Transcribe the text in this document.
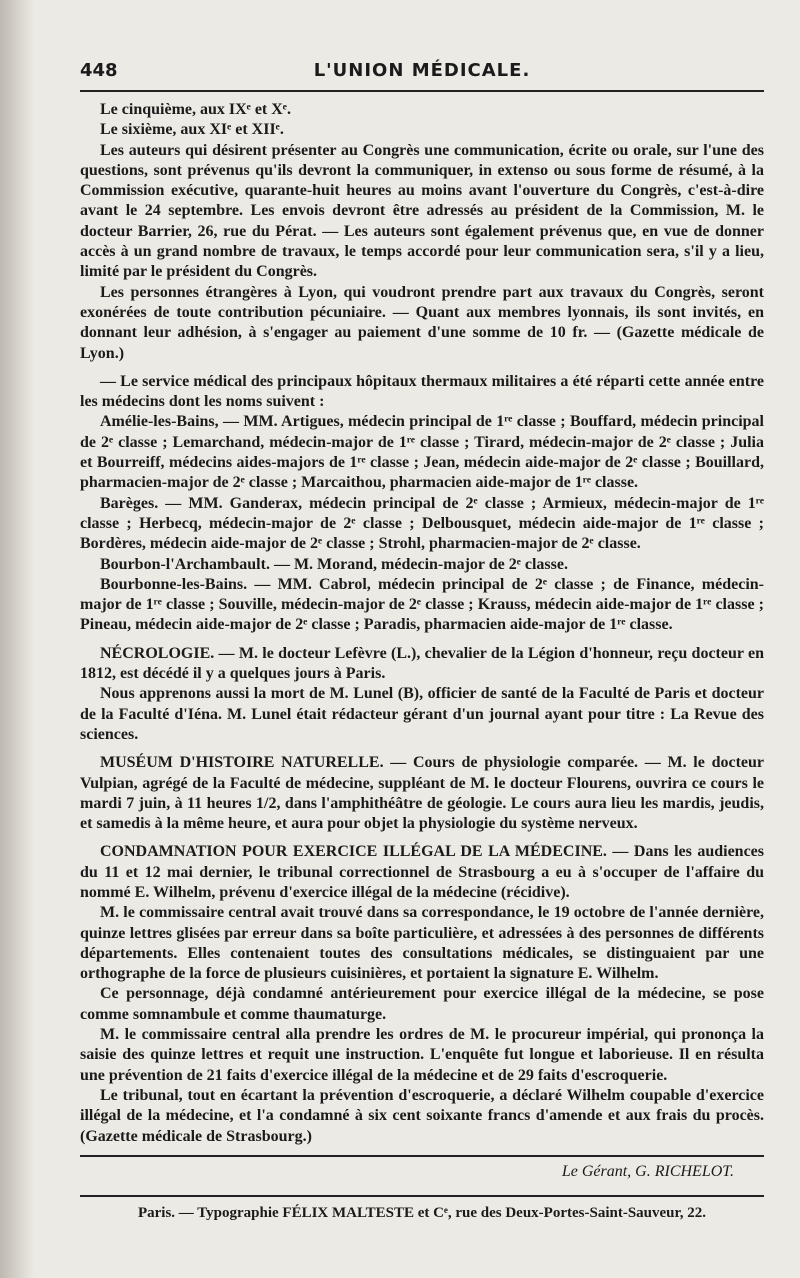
448	L'UNION MÉDICALE.

Le cinquième, aux IXᵉ et Xᵉ.

Le sixième, aux XIᵉ et XIIᵉ.

Les auteurs qui désirent présenter au Congrès une communication, écrite ou orale, sur l'une des questions, sont prévenus qu'ils devront la communiquer, in extenso ou sous forme de résumé, à la Commission exécutive, quarante-huit heures au moins avant l'ouverture du Congrès, c'est-à-dire avant le 24 septembre. Les envois devront être adressés au président de la Commission, M. le docteur Barrier, 26, rue du Pérat. — Les auteurs sont également prévenus que, en vue de donner accès à un grand nombre de travaux, le temps accordé pour leur communication sera, s'il y a lieu, limité par le président du Congrès.

Les personnes étrangères à Lyon, qui voudront prendre part aux travaux du Congrès, seront exonérées de toute contribution pécuniaire. — Quant aux membres lyonnais, ils sont invités, en donnant leur adhésion, à s'engager au paiement d'une somme de 10 fr. — (Gazette médicale de Lyon.)

— Le service médical des principaux hôpitaux thermaux militaires a été réparti cette année entre les médecins dont les noms suivent :

Amélie-les-Bains, — MM. Artigues, médecin principal de 1ʳᵉ classe ; Bouffard, médecin principal de 2ᵉ classe ; Lemarchand, médecin-major de 1ʳᵉ classe ; Tirard, médecin-major de 2ᵉ classe ; Julia et Bourreiff, médecins aides-majors de 1ʳᵉ classe ; Jean, médecin aide-major de 2ᵉ classe ; Bouillard, pharmacien-major de 2ᵉ classe ; Marcaithou, pharmacien aide-major de 1ʳᵉ classe.

Barèges. — MM. Ganderax, médecin principal de 2ᵉ classe ; Armieux, médecin-major de 1ʳᵉ classe ; Herbecq, médecin-major de 2ᵉ classe ; Delbousquet, médecin aide-major de 1ʳᵉ classe ; Bordères, médecin aide-major de 2ᵉ classe ; Strohl, pharmacien-major de 2ᵉ classe.

Bourbon-l'Archambault. — M. Morand, médecin-major de 2ᵉ classe.

Bourbonne-les-Bains. — MM. Cabrol, médecin principal de 2ᵉ classe ; de Finance, médecin-major de 1ʳᵉ classe ; Souville, médecin-major de 2ᵉ classe ; Krauss, médecin aide-major de 1ʳᵉ classe ; Pineau, médecin aide-major de 2ᵉ classe ; Paradis, pharmacien aide-major de 1ʳᵉ classe.

NÉCROLOGIE. — M. le docteur Lefèvre (L.), chevalier de la Légion d'honneur, reçu docteur en 1812, est décédé il y a quelques jours à Paris.

Nous apprenons aussi la mort de M. Lunel (B), officier de santé de la Faculté de Paris et docteur de la Faculté d'Iéna. M. Lunel était rédacteur gérant d'un journal ayant pour titre : La Revue des sciences.

MUSÉUM D'HISTOIRE NATURELLE. — Cours de physiologie comparée. — M. le docteur Vulpian, agrégé de la Faculté de médecine, suppléant de M. le docteur Flourens, ouvrira ce cours le mardi 7 juin, à 11 heures 1/2, dans l'amphithéâtre de géologie. Le cours aura lieu les mardis, jeudis, et samedis à la même heure, et aura pour objet la physiologie du système nerveux.

CONDAMNATION POUR EXERCICE ILLÉGAL DE LA MÉDECINE. — Dans les audiences du 11 et 12 mai dernier, le tribunal correctionnel de Strasbourg a eu à s'occuper de l'affaire du nommé E. Wilhelm, prévenu d'exercice illégal de la médecine (récidive).

M. le commissaire central avait trouvé dans sa correspondance, le 19 octobre de l'année dernière, quinze lettres glisées par erreur dans sa boîte particulière, et adressées à des personnes de différents départements. Elles contenaient toutes des consultations médicales, se distinguaient par une orthographe de la force de plusieurs cuisinières, et portaient la signature E. Wilhelm.

Ce personnage, déjà condamné antérieurement pour exercice illégal de la médecine, se pose comme somnambule et comme thaumaturge.

M. le commissaire central alla prendre les ordres de M. le procureur impérial, qui prononça la saisie des quinze lettres et requit une instruction. L'enquête fut longue et laborieuse. Il en résulta une prévention de 21 faits d'exercice illégal de la médecine et de 29 faits d'escroquerie.

Le tribunal, tout en écartant la prévention d'escroquerie, a déclaré Wilhelm coupable d'exercice illégal de la médecine, et l'a condamné à six cent soixante francs d'amende et aux frais du procès. (Gazette médicale de Strasbourg.)

Le Gérant, G. RICHELOT.
Paris. — Typographie FÉLIX MALTESTE et Cᵉ, rue des Deux-Portes-Saint-Sauveur, 22.
